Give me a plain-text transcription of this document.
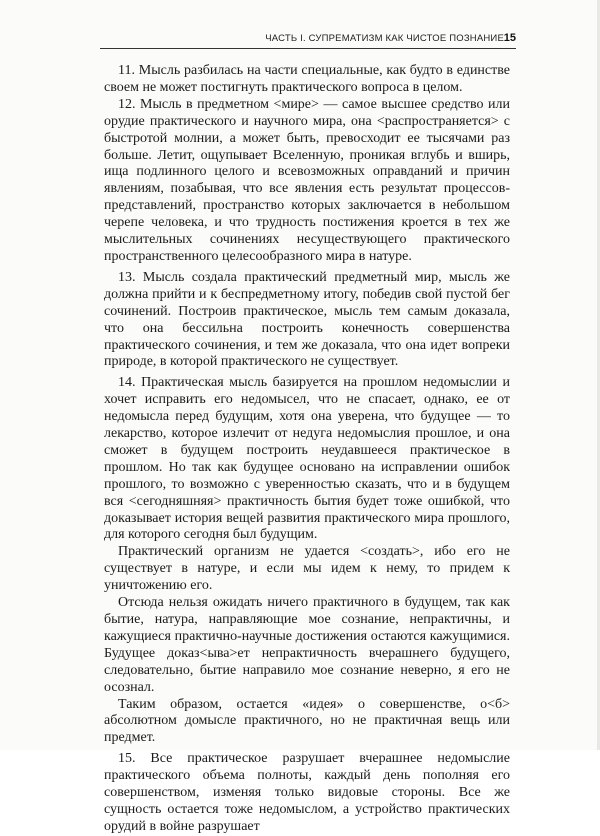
ЧАСТЬ I. СУПРЕМАТИЗМ КАК ЧИСТОЕ ПОЗНАНИЕ 15

11. Мысль разбилась на части специальные, как будто в единстве своем не может постигнуть практического вопроса в целом.

12. Мысль в предметном <мире> — самое высшее средство или орудие практического и научного мира, она <распространяется> с быстротой молнии, а может быть, превосходит ее тысячами раз больше. Летит, ощупывает Вселенную, проникая вглубь и вширь, ища подлинного целого и всевозможных оправданий и причин явлениям, позабывая, что все явления есть результат процессов-представлений, пространство которых заключается в небольшом черепе человека, и что трудность постижения кроется в тех же мыслительных сочинениях несуществующего практического пространственного целесообразного мира в натуре.

13. Мысль создала практический предметный мир, мысль же должна прийти и к беспредметному итогу, победив свой пустой бег сочинений. Построив практическое, мысль тем самым доказала, что она бессильна построить конечность совершенства практического сочинения, и тем же доказала, что она идет вопреки природе, в которой практического не существует.

14. Практическая мысль базируется на прошлом недомыслии и хочет исправить его недомысел, что не спасает, однако, ее от недомысла перед будущим, хотя она уверена, что будущее — то лекарство, которое излечит от недуга недомыслия прошлое, и она сможет в будущем построить неудавшееся практическое в прошлом. Но так как будущее основано на исправлении ошибок прошлого, то возможно с уверенностью сказать, что и в будущем вся <сегодняшняя> практичность бытия будет тоже ошибкой, что доказывает история вещей развития практического мира прошлого, для которого сегодня был будущим.

Практический организм не удается <создать>, ибо его не существует в натуре, и если мы идем к нему, то придем к уничтожению его.

Отсюда нельзя ожидать ничего практичного в будущем, так как бытие, натура, направляющие мое сознание, непрактичны, и кажущиеся практично-научные достижения остаются кажущимися. Будущее доказ<ыва>ет непрактичность вчерашнего будущего, следовательно, бытие направило мое сознание неверно, я его не осознал.

Таким образом, остается «идея» о совершенстве, о<б> абсолютном домысле практичного, но не практичная вещь или предмет.

15. Все практическое разрушает вчерашнее недомыслие практического объема полноты, каждый день пополняя его совершенством, изменяя только видовые стороны. Все же сущность остается тоже недомыслом, а устройство практических орудий в войне разрушает
